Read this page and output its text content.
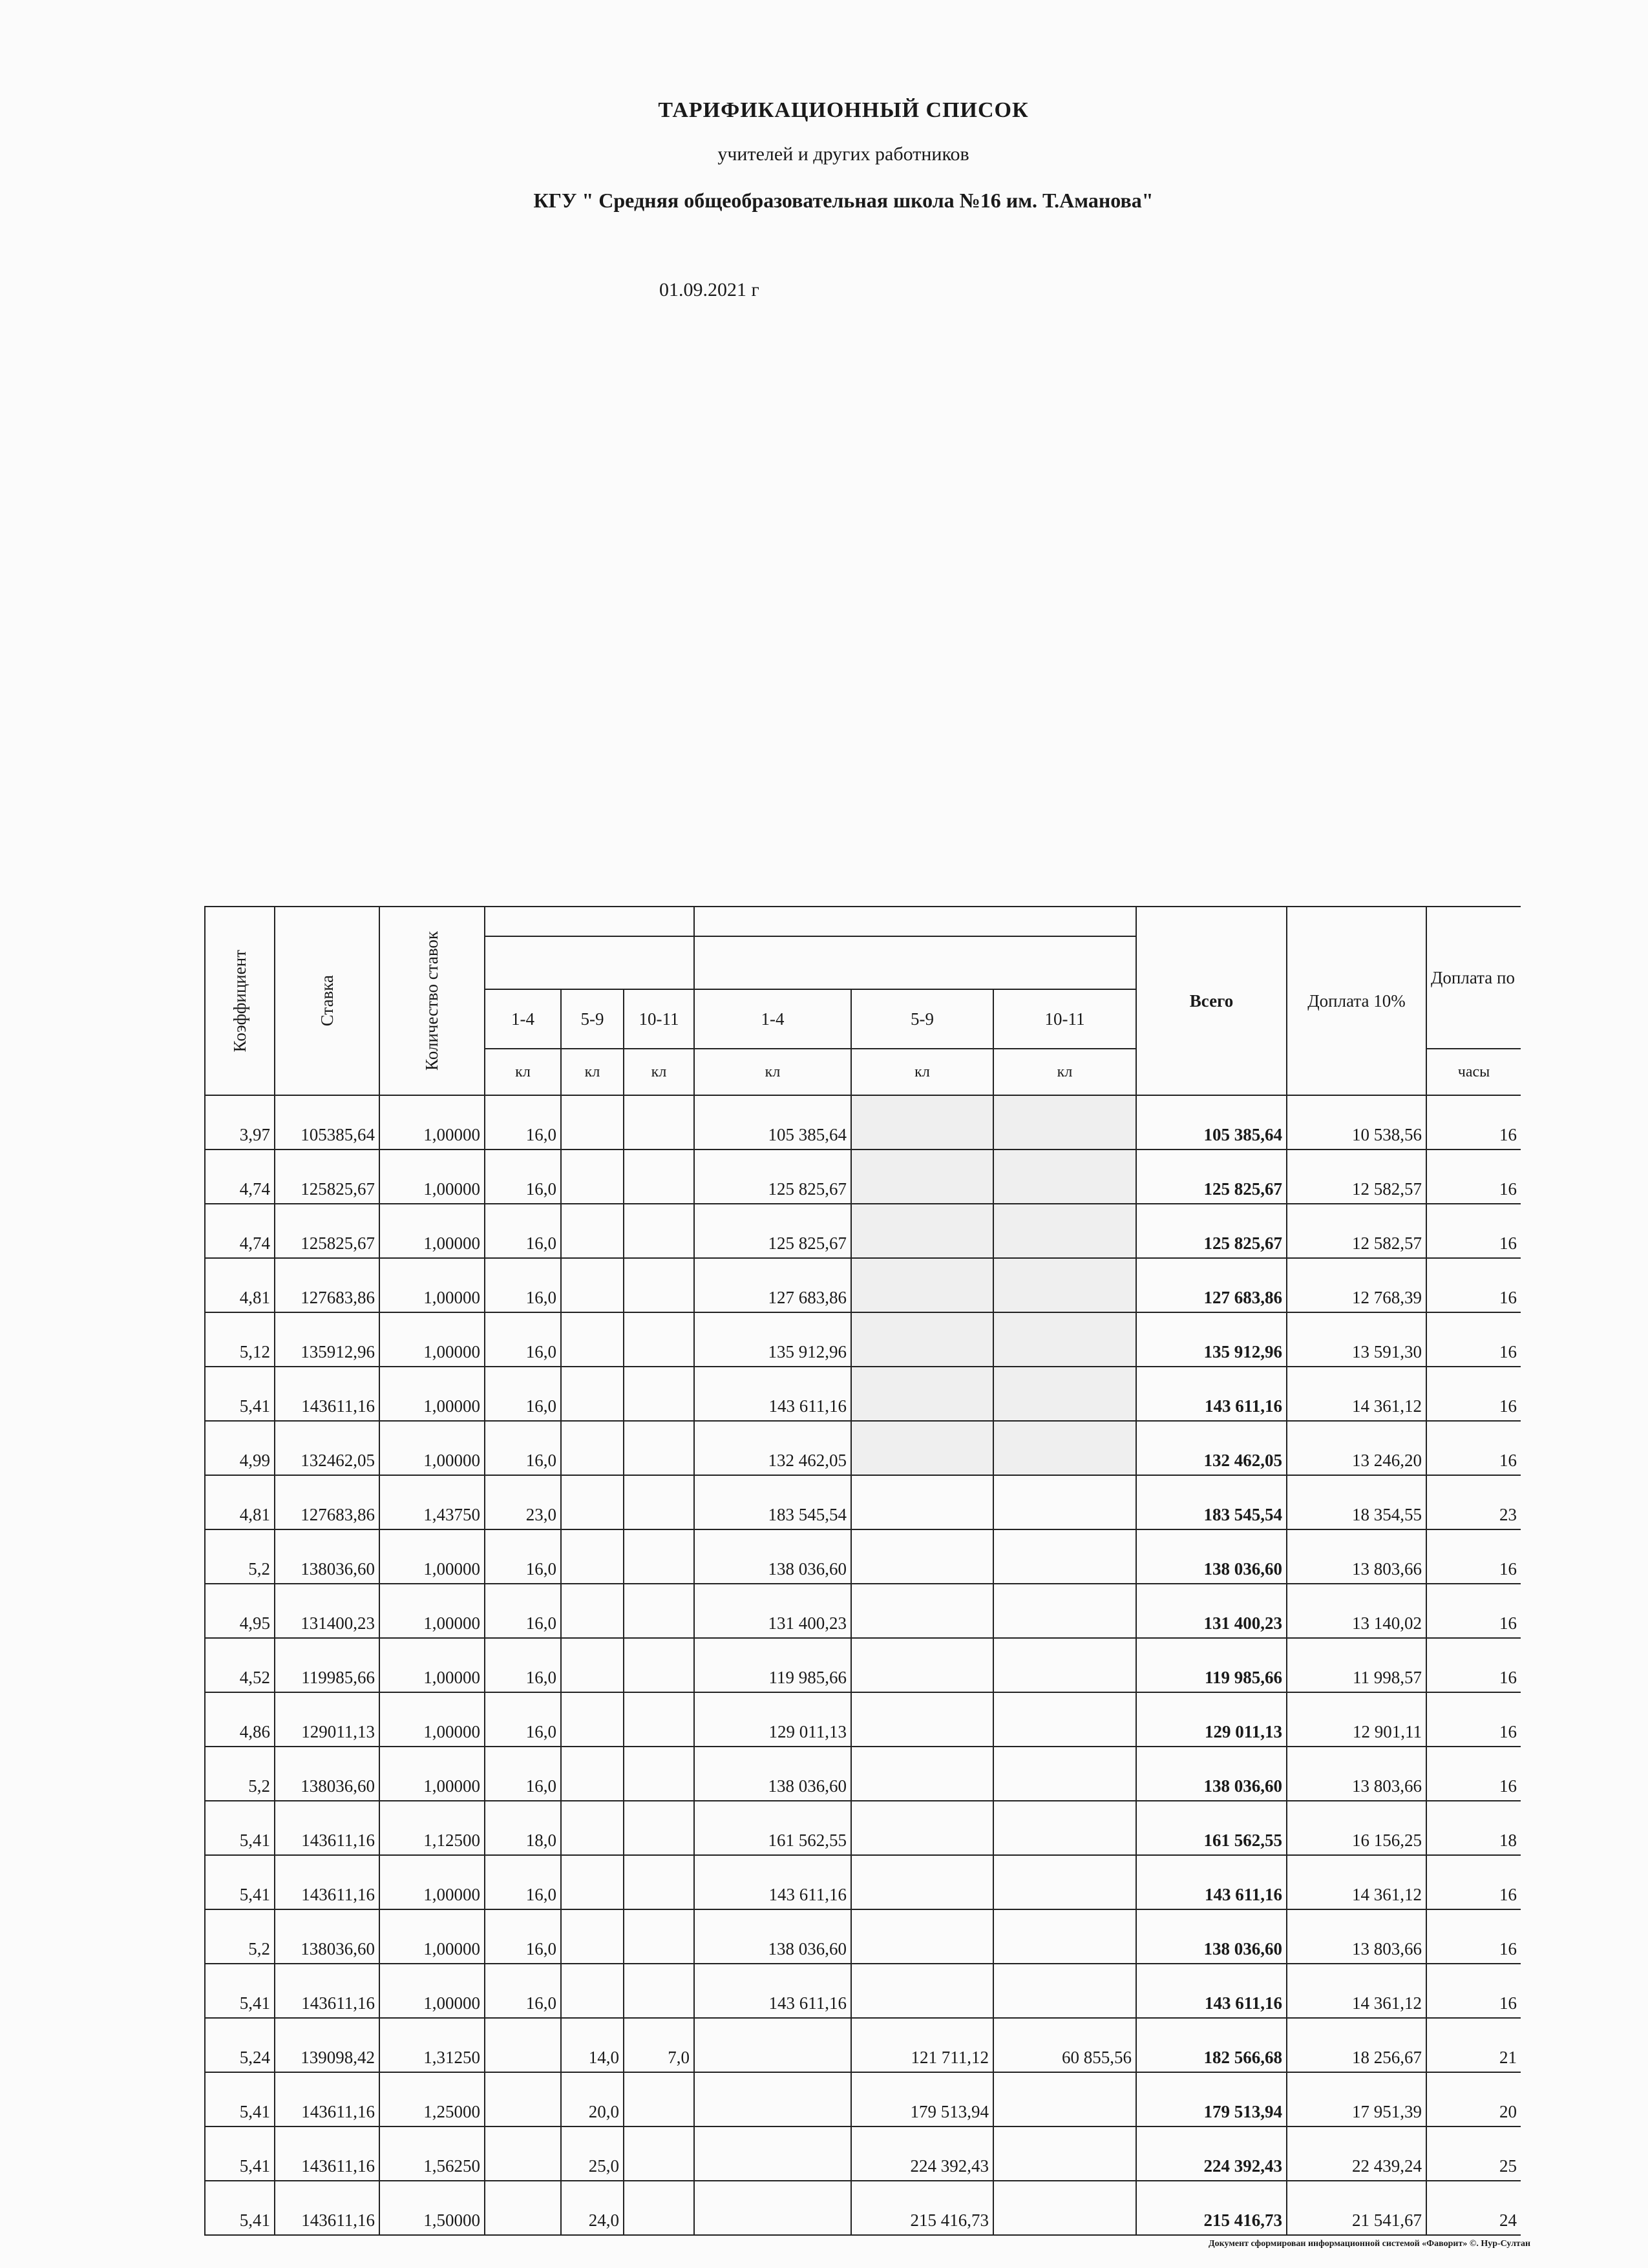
ТАРИФИКАЦИОННЫЙ СПИСОК
учителей и других работников
КГУ " Средняя общеобразовательная школа №16 им. Т.Аманова"
01.09.2021 г
Коэффициент	Ставка	Количество ставок							Всего	Доплата 10%	Доплата по

			1-4	5-9	10-11	1-4	5-9	10-11			
			кл	кл	кл	кл	кл	кл			часы
3,97	105385,64	1,00000	16,0			105 385,64			105 385,64	10 538,56	16
4,74	125825,67	1,00000	16,0			125 825,67			125 825,67	12 582,57	16
4,74	125825,67	1,00000	16,0			125 825,67			125 825,67	12 582,57	16
4,81	127683,86	1,00000	16,0			127 683,86			127 683,86	12 768,39	16
5,12	135912,96	1,00000	16,0			135 912,96			135 912,96	13 591,30	16
5,41	143611,16	1,00000	16,0			143 611,16			143 611,16	14 361,12	16
4,99	132462,05	1,00000	16,0			132 462,05			132 462,05	13 246,20	16
4,81	127683,86	1,43750	23,0			183 545,54			183 545,54	18 354,55	23
5,2	138036,60	1,00000	16,0			138 036,60			138 036,60	13 803,66	16
4,95	131400,23	1,00000	16,0			131 400,23			131 400,23	13 140,02	16
4,52	119985,66	1,00000	16,0			119 985,66			119 985,66	11 998,57	16
4,86	129011,13	1,00000	16,0			129 011,13			129 011,13	12 901,11	16
5,2	138036,60	1,00000	16,0			138 036,60			138 036,60	13 803,66	16
5,41	143611,16	1,12500	18,0			161 562,55			161 562,55	16 156,25	18
5,41	143611,16	1,00000	16,0			143 611,16			143 611,16	14 361,12	16
5,2	138036,60	1,00000	16,0			138 036,60			138 036,60	13 803,66	16
5,41	143611,16	1,00000	16,0			143 611,16			143 611,16	14 361,12	16
5,24	139098,42	1,31250		14,0	7,0		121 711,12	60 855,56	182 566,68	18 256,67	21
5,41	143611,16	1,25000		20,0			179 513,94		179 513,94	17 951,39	20
5,41	143611,16	1,56250		25,0			224 392,43		224 392,43	22 439,24	25
5,41	143611,16	1,50000		24,0			215 416,73		215 416,73	21 541,67	24
Документ сформирован информационной системой «Фаворит» ©. Нур-Султан
